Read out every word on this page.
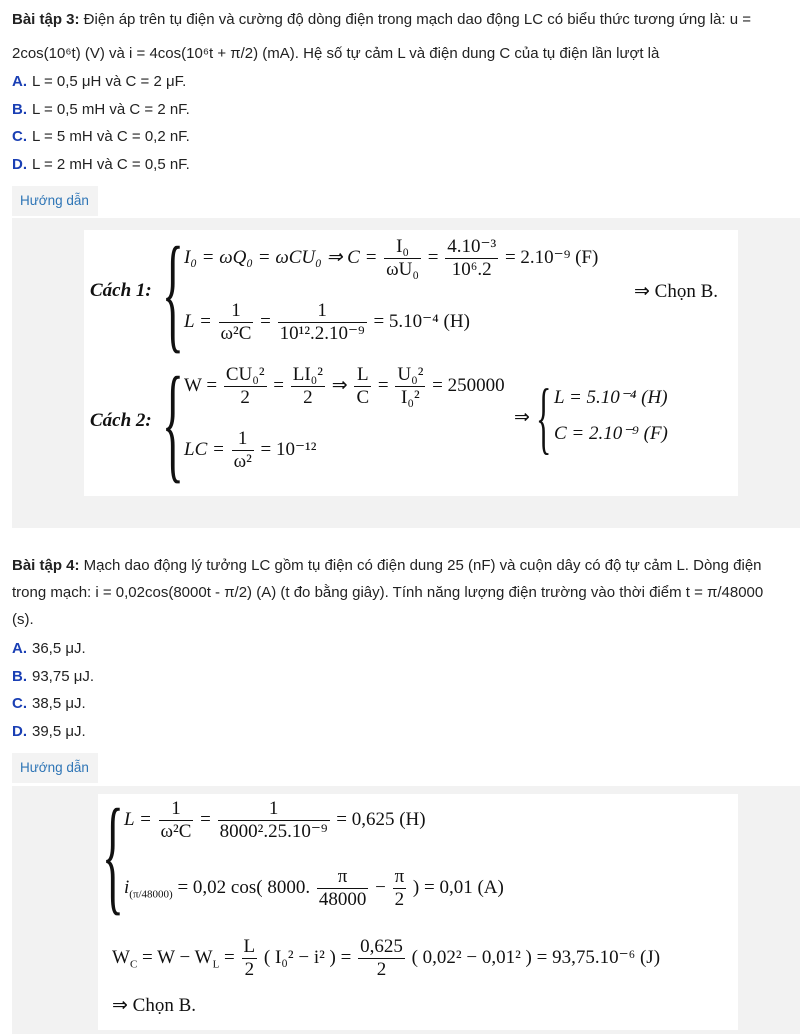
Bài tập 3: Điện áp trên tụ điện và cường độ dòng điện trong mạch dao động LC có biểu thức tương ứng là: u =
2cos(10⁶t) (V) và i = 4cos(10⁶t + π/2) (mA). Hệ số tự cảm L và điện dung C của tụ điện lần lượt là
A. L = 0,5 μH và C = 2 μF.
B. L = 0,5 mH và C = 2 nF.
C. L = 5 mH và C = 0,2 nF.
D. L = 2 mH và C = 0,5 nF.
Hướng dẫn
Cách 1: { I₀ = ωQ₀ = ωCU₀ ⇒ $C = \frac{\text{I₀}}{\text{ωU₀}} = \frac{\text{4.10⁻³}}{\text{10⁶.2}} = 2.10^{-9}$ (F)
$L = \frac{1}{\text{ω²C}} = \frac{1}{\text{10¹².2.10⁻⁹}} = 5.10^{-4}$ (H)
⇒ Chọn B.
Cách 2: { $W = \frac{\text{CU₀²}}{2} = \frac{\text{LI₀²}}{2}$ ⇒ $\frac{L}{C} = \frac{\text{U₀²}}{\text{I₀²}} = 250000$
LC = $\frac{1}{\text{ω²}} = 10^{-12}$
⇒ { L = 5.10⁻⁴ (H)
C = 2.10⁻⁹ (F)
Bài tập 4: Mạch dao động lý tưởng LC gồm tụ điện có điện dung 25 (nF) và cuộn dây có độ tự cảm L. Dòng điện
trong mạch: i = 0,02cos(8000t - π/2) (A) (t đo bằng giây). Tính năng lượng điện trường vào thời điểm t = π/48000
(s).
A. 36,5 μJ.
B. 93,75 μJ.
C. 38,5 μJ.
D. 39,5 μJ.
Hướng dẫn
{ $L = \frac{1}{\text{ω²C}} = \frac{1}{\text{8000².25.10⁻⁹}} = 0,625$ (H)
$i_{(\pi/48000)} = 0,02$ cos( 8000. $\frac{\pi}{48000} - \frac{\pi}{2}$ ) = 0,01 (A)
$W_C = W - W_L = \frac{L}{2}$ ( I₀² − i² ) = $\frac{0,625}{2}$ ( 0,02² − 0,01² ) = 93,75.10⁻⁶ (J)
⇒ Chọn B.
